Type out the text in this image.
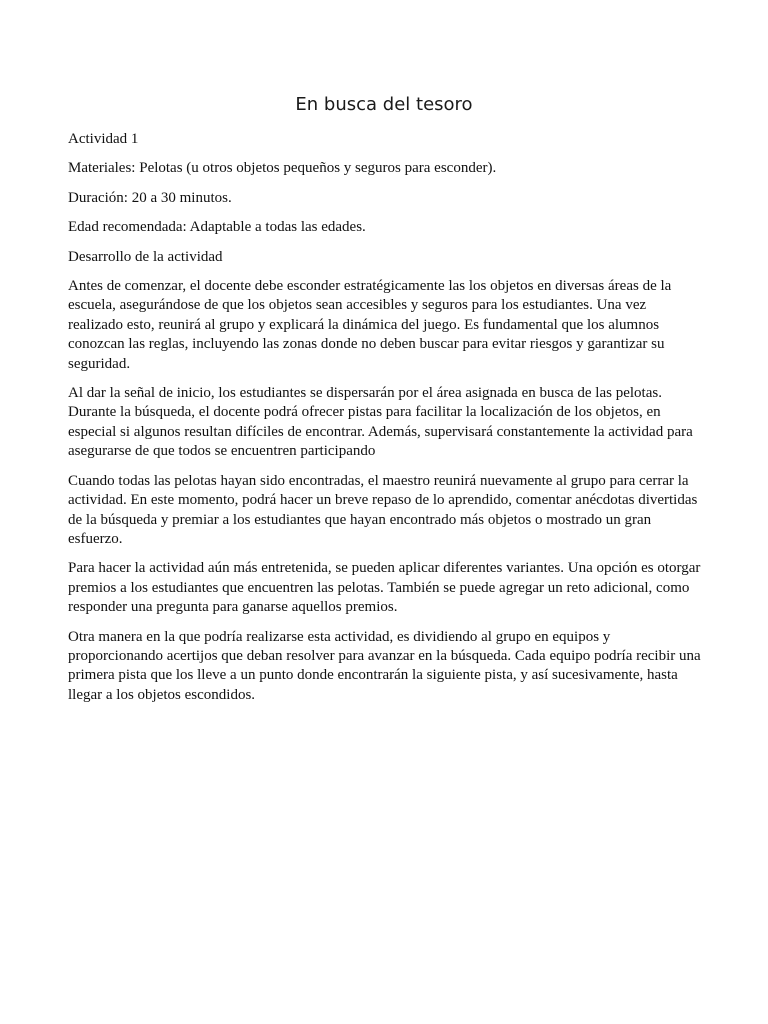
En busca del tesoro

Actividad 1

Materiales: Pelotas (u otros objetos pequeños y seguros para esconder).

Duración: 20 a 30 minutos.

Edad recomendada: Adaptable a todas las edades.

Desarrollo de la actividad

Antes de comenzar, el docente debe esconder estratégicamente las los objetos en diversas áreas de la escuela, asegurándose de que los objetos sean accesibles y seguros para los estudiantes. Una vez realizado esto, reunirá al grupo y explicará la dinámica del juego. Es fundamental que los alumnos conozcan las reglas, incluyendo las zonas donde no deben buscar para evitar riesgos y garantizar su seguridad.

Al dar la señal de inicio, los estudiantes se dispersarán por el área asignada en busca de las pelotas. Durante la búsqueda, el docente podrá ofrecer pistas para facilitar la localización de los objetos, en especial si algunos resultan difíciles de encontrar. Además, supervisará constantemente la actividad para asegurarse de que todos se encuentren participando

Cuando todas las pelotas hayan sido encontradas, el maestro reunirá nuevamente al grupo para cerrar la actividad. En este momento, podrá hacer un breve repaso de lo aprendido, comentar anécdotas divertidas de la búsqueda y premiar a los estudiantes que hayan encontrado más objetos o mostrado un gran esfuerzo.

Para hacer la actividad aún más entretenida, se pueden aplicar diferentes variantes. Una opción es otorgar premios a los estudiantes que encuentren las pelotas. También se puede agregar un reto adicional, como responder una pregunta para ganarse aquellos premios.

Otra manera en la que podría realizarse esta actividad, es dividiendo al grupo en equipos y proporcionando acertijos que deban resolver para avanzar en la búsqueda. Cada equipo podría recibir una primera pista que los lleve a un punto donde encontrarán la siguiente pista, y así sucesivamente, hasta llegar a los objetos escondidos.
